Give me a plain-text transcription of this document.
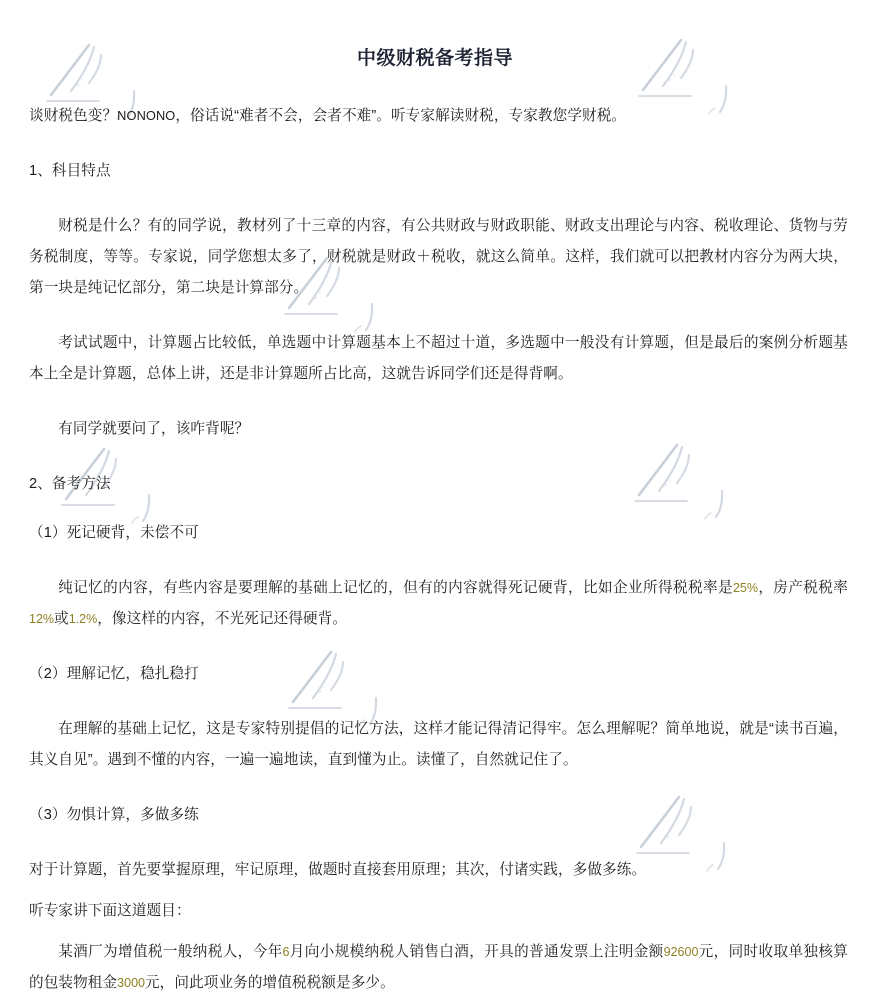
中级财税备考指导

谈财税色变？NONONO，俗话说“难者不会，会者不难”。听专家解读财税，专家教您学财税。

1、科目特点

财税是什么？有的同学说，教材列了十三章的内容，有公共财政与财政职能、财政支出理论与内容、税收理论、货物与劳务税制度，等等。专家说，同学您想太多了，财税就是财政＋税收，就这么简单。这样，我们就可以把教材内容分为两大块，第一块是纯记忆部分，第二块是计算部分。

考试试题中，计算题占比较低，单选题中计算题基本上不超过十道，多选题中一般没有计算题，但是最后的案例分析题基本上全是计算题，总体上讲，还是非计算题所占比高，这就告诉同学们还是得背啊。

有同学就要问了，该咋背呢？

2、备考方法

（1）死记硬背，未偿不可

纯记忆的内容，有些内容是要理解的基础上记忆的，但有的内容就得死记硬背，比如企业所得税税率是25%，房产税税率12%或1.2%，像这样的内容，不光死记还得硬背。

（2）理解记忆，稳扎稳打

在理解的基础上记忆，这是专家特别提倡的记忆方法，这样才能记得清记得牢。怎么理解呢？简单地说，就是“读书百遍，其义自见”。遇到不懂的内容，一遍一遍地读，直到懂为止。读懂了，自然就记住了。

（3）勿惧计算，多做多练

对于计算题，首先要掌握原理，牢记原理，做题时直接套用原理；其次，付诸实践，多做多练。

听专家讲下面这道题目：

某酒厂为增值税一般纳税人，今年6月向小规模纳税人销售白酒，开具的普通发票上注明金额92600元，同时收取单独核算的包装物租金3000元，问此项业务的增值税税额是多少。
